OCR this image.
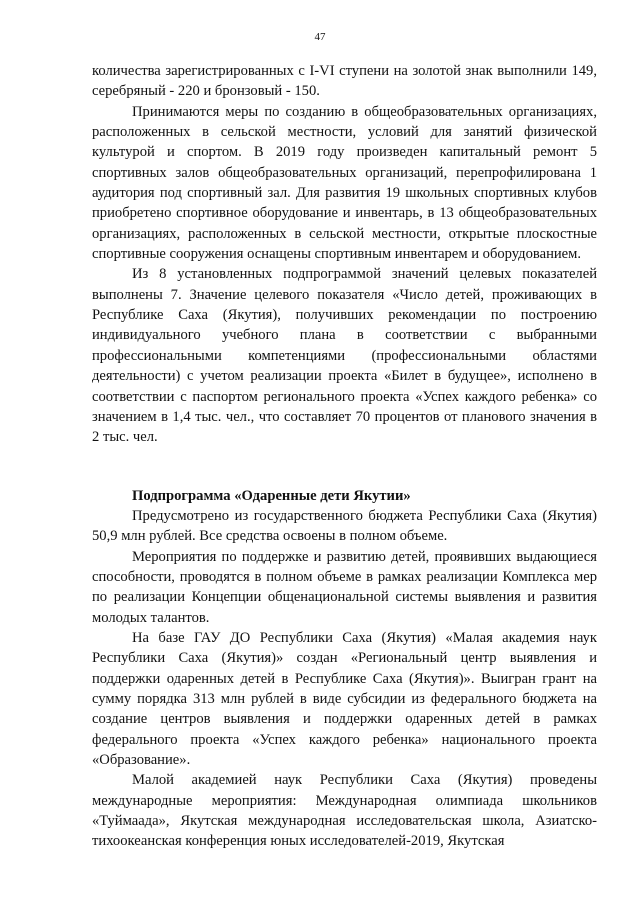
47

количества зарегистрированных с I-VI ступени на золотой знак выполнили 149, серебряный - 220 и бронзовый - 150.

Принимаются меры по созданию в общеобразовательных организациях, расположенных в сельской местности, условий для занятий физической культурой и спортом. В 2019 году произведен капитальный ремонт 5 спортивных залов общеобразовательных организаций, перепрофилирована 1 аудитория под спортивный зал. Для развития 19 школьных спортивных клубов приобретено спортивное оборудование и инвентарь, в 13 общеобразовательных организациях, расположенных в сельской местности, открытые плоскостные спортивные сооружения оснащены спортивным инвентарем и оборудованием.

Из 8 установленных подпрограммой значений целевых показателей выполнены 7. Значение целевого показателя «Число детей, проживающих в Республике Саха (Якутия), получивших рекомендации по построению индивидуального учебного плана в соответствии с выбранными профессиональными компетенциями (профессиональными областями деятельности) с учетом реализации проекта «Билет в будущее», исполнено в соответствии с паспортом регионального проекта «Успех каждого ребенка» со значением в 1,4 тыс. чел., что составляет 70 процентов от планового значения в 2 тыс. чел.

Подпрограмма «Одаренные дети Якутии»

Предусмотрено из государственного бюджета Республики Саха (Якутия) 50,9 млн рублей. Все средства освоены в полном объеме.

Мероприятия по поддержке и развитию детей, проявивших выдающиеся способности, проводятся в полном объеме в рамках реализации Комплекса мер по реализации Концепции общенациональной системы выявления и развития молодых талантов.

На базе ГАУ ДО Республики Саха (Якутия) «Малая академия наук Республики Саха (Якутия)» создан «Региональный центр выявления и поддержки одаренных детей в Республике Саха (Якутия)». Выигран грант на сумму порядка 313 млн рублей в виде субсидии из федерального бюджета на создание центров выявления и поддержки одаренных детей в рамках федерального проекта «Успех каждого ребенка» национального проекта «Образование».

Малой академией наук Республики Саха (Якутия) проведены международные мероприятия: Международная олимпиада школьников «Туймаада», Якутская международная исследовательская школа, Азиатско-тихоокеанская конференция юных исследователей-2019, Якутская
